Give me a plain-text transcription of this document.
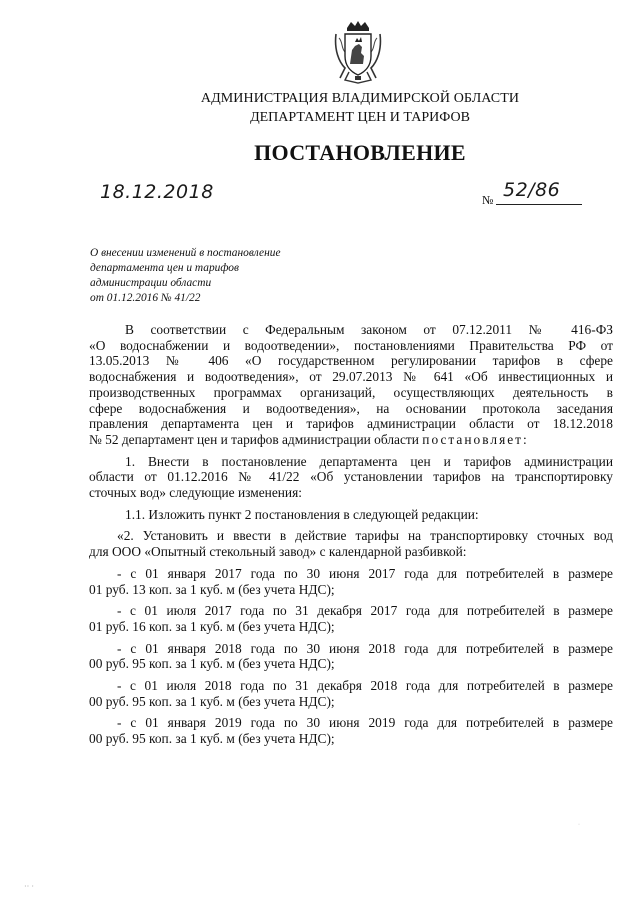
АДМИНИСТРАЦИЯ ВЛАДИМИРСКОЙ ОБЛАСТИ
ДЕПАРТАМЕНТ ЦЕН И ТАРИФОВ
ПОСТАНОВЛЕНИЕ
18.12.2018	№ 52/86
О внесении изменений в постановление
департамента цен и тарифов
администрации области
от 01.12.2016 № 41/22

В соответствии с Федеральным законом от 07.12.2011 № 416-ФЗ

«О водоснабжении и водоотведении», постановлениями Правительства РФ от

13.05.2013 № 406 «О государственном регулировании тарифов в сфере

водоснабжения и водоотведения», от 29.07.2013 № 641 «Об инвестиционных и

производственных программах организаций, осуществляющих деятельность в

сфере водоснабжения и водоотведения», на основании протокола заседания

правления департамента цен и тарифов администрации области от 18.12.2018

№ 52 департамент цен и тарифов администрации области постановляет:

1. Внести в постановление департамента цен и тарифов администрации

области от 01.12.2016 № 41/22 «Об установлении тарифов на транспортировку

сточных вод» следующие изменения:

1.1. Изложить пункт 2 постановления в следующей редакции:

«2. Установить и ввести в действие тарифы на транспортировку сточных вод

для ООО «Опытный стекольный завод» с календарной разбивкой:

- с 01 января 2017 года по 30 июня 2017 года для потребителей в размере

01 руб. 13 коп. за 1 куб. м (без учета НДС);

- с 01 июля 2017 года по 31 декабря 2017 года для потребителей в размере

01 руб. 16 коп. за 1 куб. м (без учета НДС);

- с 01 января 2018 года по 30 июня 2018 года для потребителей в размере

00 руб. 95 коп. за 1 куб. м (без учета НДС);

- с 01 июля 2018 года по 31 декабря 2018 года для потребителей в размере

00 руб. 95 коп. за 1 куб. м (без учета НДС);

- с 01 января 2019 года по 30 июня 2019 года для потребителей в размере

00 руб. 95 коп. за 1 куб. м (без учета НДС);

·· ·
·
